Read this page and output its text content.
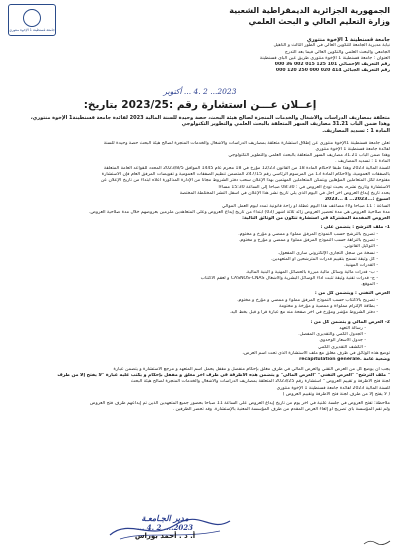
جامعة قسنطينة 1 الإخوة منتوري
الجمهورية الجزائرية الديمقراطية الشعبية
وزارة التعليم العالي و البحث العلمي
جامعة قسنطينة 1 الإخوة منتوري
نيابة مديرية الجامعة للتكوين العالي في الطور الثالث و التأهيل
الجامعي والبحث العلمي والتكوين العالي فيما بعد التدرج
العنوان : جامعة قسنطينة 1 الإخوة منتوري طريق عين الباي قسنطينة
رقم التعريف الإحصائي 101 125 015 002 36 000
رقم التعريف الجبائي 414 020 000 250 120 000
2023... 2 .4 ... أكتوبر
إعــلان عـــن استشارة رقم :2023/25 بتاريخ:
متعلقة بمصاريف الدراسات والأشغال والخدمات المنجزة لصالح هيئة البحث، حصة وحيدة للسنة المالية 2023 لفائدة جامعة قسنطينة1 الإخوة منتوري،
وهذا ضمن الباب 31.21 مصاريف السهر المتعلقة بالبحث العلمي والتطوير التكنولوجي
المادة 1 : تسديد المصاريف.
تعلن جامعة قسنطينة 1الإخوة منتوري عن إطلاق استشارة متعلقة بمصاريف الدراسات والأشغال والخدمات المنجزة لصالح هيئة البحث حصة وحيدة للسنة
لفائدة جامعة قسنطينة 1 الإخوة منتوري
وهذا ضمن الباب 31.21 مصاريف السهر المتعلقة بالبحث العلمي والتطوير التكنولوجي
المادة 1 : تسديد المصاريف .
للسنة المالية 2023 وهذا طبقا لأحكام المادة 18 من القانون 12/23 مؤرخ في 18 محرم عام 1445 الموافق 2023/8/5 المحدد للقواعد العامة المتعلقة
بالصفقات العمومية، والأحكام المادة 13 من المرسوم الرئاسي رقم 247/15 المتضمن تنظيم الصفقات العمومية و تفويضات المرفق العام فإن الاستشارة
مفتوحة لكل المتعاملين المؤهلين وبتمكن المتعاملين المهتمين بهذا الإعلان سحب دفتر الشروط مجانا من الإدارة المذكورة أعلاه ابتداء من تاريخ الإعلان عن
الاستشارة وتاريخ نشره، بحيث تودع العروض في : 08:30 صباحا إلى الساعة 15:30 مساءا
يحدد تاريخ إيداع العروض آخر أجل في اليوم الذي يلي تاريخ نشر هذا الإعلان في أسفل النشر المختلطة المختصة
أسبوع :...2023... 4 ...2023
الساعة : 11 صباحا ولاء مضاعف هذا اليوم عطلة أو راحة قانونية تمدد ليوم العمل الموالي
مدة صلاحية العروض هي مدة تحضير العروض زائد ثلاثة أشهر (03) ابتداء من تاريخ إيداع العروض وعلى المتعاهدين ملزمين بعروضهم خلال مدة صلاحية العروض.
العروض المقدمة المشتركة في استشارة تتكون من الوثائق التالية:
1- ملف الترشح : يتضمن على :
- تصريح بالترشح حسب النموذج المرفق مملوء و ممضي و مؤرخ و مختوم.
- تصريح بالنزاهة حسب النموذج المرفق مملوء و ممضي و مؤرخ و مختوم.
- التوكيل القانوني.
- نسخة من سجل التجاري الإلكتروني ساري المفعول.
- كل وثيقة تسمح بتقييم قدرات المترشحين أو المتعهدين.
- القدرات المهنية.
- ب- قدرات مالية وسائل مالية مبررة بالحصائل المهنية و البنية المالية.
- ج- قدرات تقنية وثيقة تثبت أداء الوسائل البشرية والأشغال CASNOS-CNAS و لعقم الاكتتاب
- الموقع.
العرض التقني : ويتضمن كل من :
- تصريح بالاكتتاب حسب النموذج المرفق مملوء و ممضي و مؤرخ و مختوم.
- بطاقة الإلتزام مملوءة و ممضية و مؤرخة و مختومة
- دفتر الشروط مؤشر ومؤرخ في أخر صفحة منه مع عبارة قرأ و قبل بخط اليد.
2- العرض المالي و يتضمن كل من :
- رسالة التعهد
- الجدول الكمي والتقديري المفصل.
- جدول الأسعار الوحدوي
- الكشف التقديري الكمي
توضع هذه الوثائق في ظرف مغلق مع ملف الاستشارة الذي تحت اسم العرض،
وضعية عامة .récapitulation générale
يجب أن يوضع كل من العرض التقني والعرض المالي في ظرف مغلق بإحكام منفصل و مقفل يحمل اسم المتعهد و مرجع الاستشارة و يتضمن عبارة
" ملف الترشح" "العرض التقني" "العرض المالي" و يتضمن هذه الأظرفة في ظرف آخر مغلق و مقفل بإحكام و يكتب عليه عبارة "لا يفتح إلا من طرف
لجنة فتح الأظرفة و تقييم العروض " استشارة رقم 2023/25 المتعلقة بمصاريف الدراسات والأشغال والخدمات المنجزة لصالح هيئة البحث
للسنة المالية 2023 لفائدة جامعة قسنطينة 1 الإخوة منتوري
( لا يفتح إلا من طرف لجنة فتح الأظرفة وتقييم العروض )
ملاحظة: تفتح العروض في جلسة علنية في آخر يوم من تاريخ إيداع العروض على الساعة 11 صباحا بحضور جميع المتعهدين الذين تم إيداعهم ظرف فتح العروض
ولم تقم المؤسسة بأي تصريح أو إلغاء العرض المقدم من طرف المؤسسة المعنية بالإستشارة. وقد تحضر الظرفين .
مدير الجـامعـة
2023.... 2 .4 ...
أ. د . أحمد بوراس
